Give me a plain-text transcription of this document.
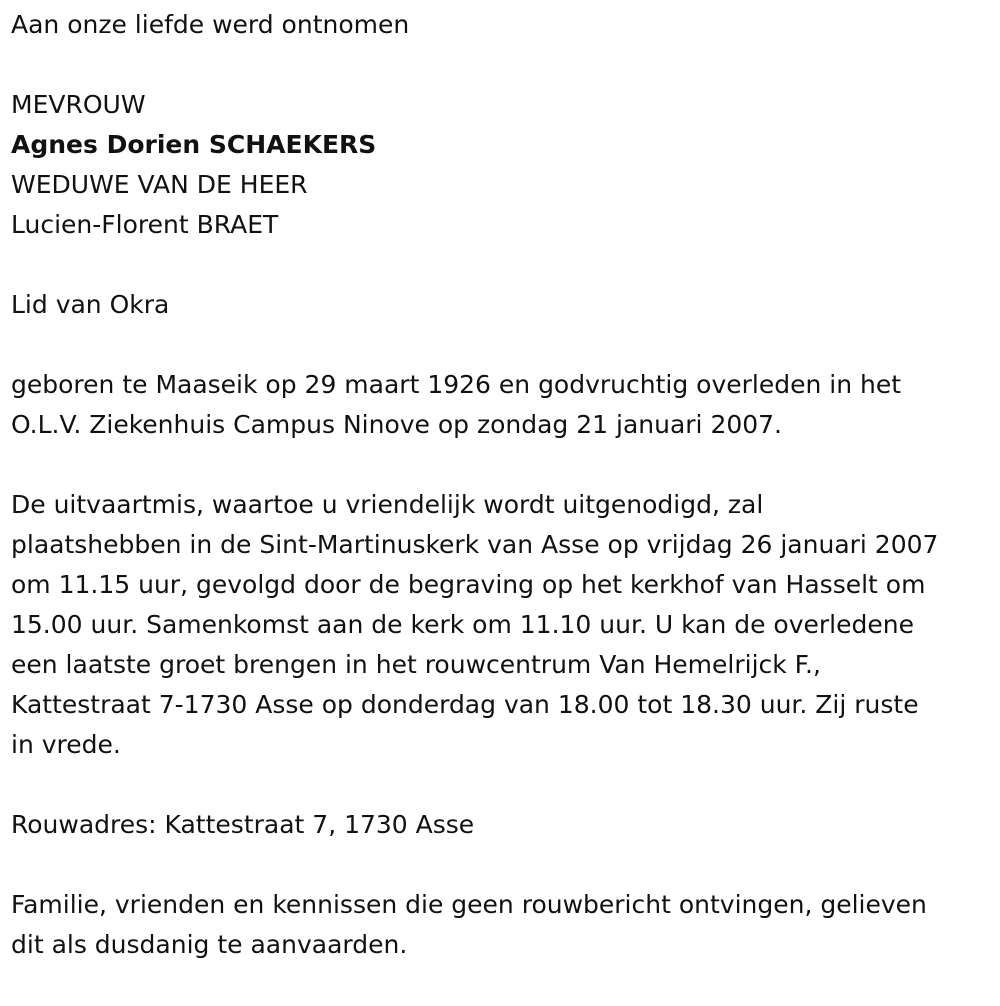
Aan onze liefde werd ontnomen
MEVROUW
Agnes Dorien SCHAEKERS
WEDUWE VAN DE HEER
Lucien-Florent BRAET
Lid van Okra
geboren te Maaseik op 29 maart 1926 en godvruchtig overleden in het
O.L.V. Ziekenhuis Campus Ninove op zondag 21 januari 2007.
De uitvaartmis, waartoe u vriendelijk wordt uitgenodigd, zal
plaatshebben in de Sint-Martinuskerk van Asse op vrijdag 26 januari 2007
om 11.15 uur, gevolgd door de begraving op het kerkhof van Hasselt om
15.00 uur. Samenkomst aan de kerk om 11.10 uur. U kan de overledene
een laatste groet brengen in het rouwcentrum Van Hemelrijck F.,
Kattestraat 7-1730 Asse op donderdag van 18.00 tot 18.30 uur. Zij ruste
in vrede.
Rouwadres: Kattestraat 7, 1730 Asse
Familie, vrienden en kennissen die geen rouwbericht ontvingen, gelieven
dit als dusdanig te aanvaarden.
